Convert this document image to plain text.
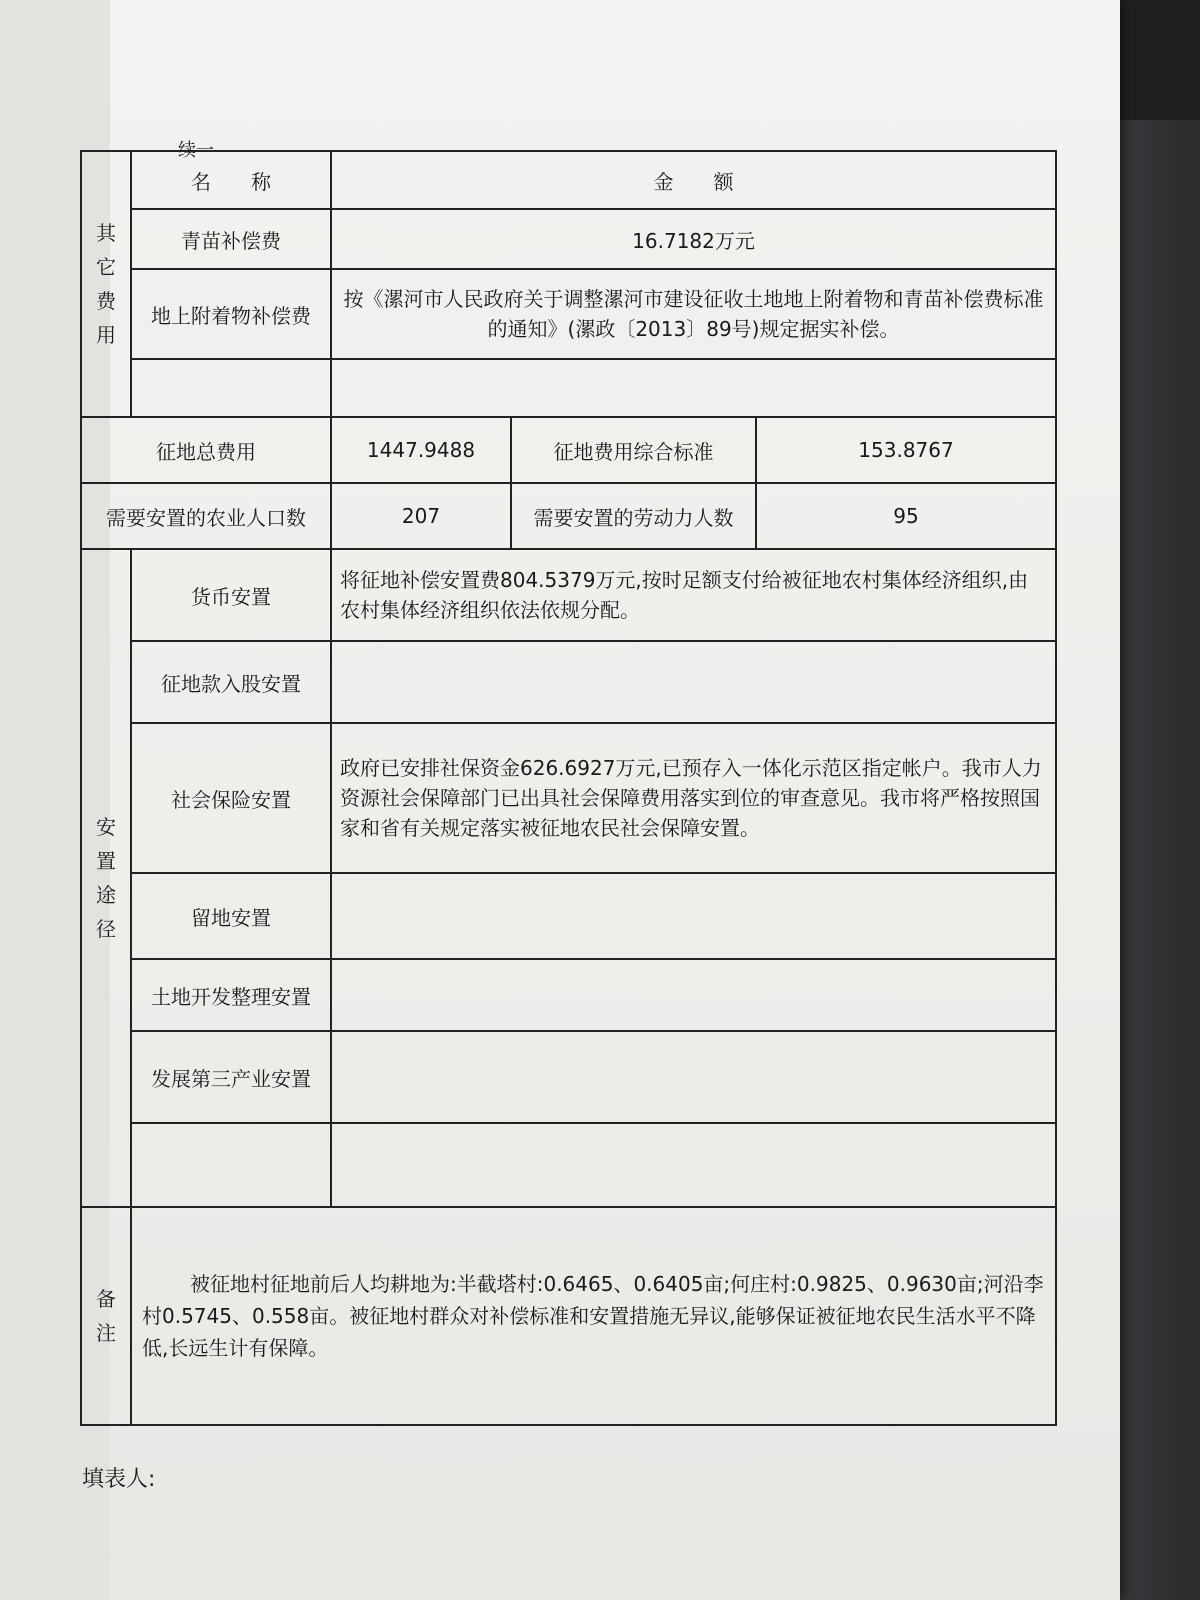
续一
其
它
费
用	名　　称	金　　额		
	青苗补偿费	16.7182万元		
	地上附着物补偿费	按《漯河市人民政府关于调整漯河市建设征收土地地上附着物和青苗补偿费标准的通知》(漯政〔2013〕89号)规定据实补偿。		

征地总费用		1447.9488	征地费用综合标准	153.8767
需要安置的农业人口数		207	需要安置的劳动力人数	95

安
置
途
径	货币安置	将征地补偿安置费804.5379万元,按时足额支付给被征地农村集体经济组织,由农村集体经济组织依法依规分配。		
	征地款入股安置			
	社会保险安置	政府已安排社保资金626.6927万元,已预存入一体化示范区指定帐户。我市人力资源社会保障部门已出具社会保障费用落实到位的审查意见。我市将严格按照国家和省有关规定落实被征地农民社会保障安置。		
	留地安置			
	土地开发整理安置			
	发展第三产业安置			

备
注	被征地村征地前后人均耕地为:半截塔村:0.6465、0.6405亩;何庄村:0.9825、0.9630亩;河沿李村0.5745、0.558亩。被征地村群众对补偿标准和安置措施无异议,能够保证被征地农民生活水平不降低,长远生计有保障。			
填表人:
